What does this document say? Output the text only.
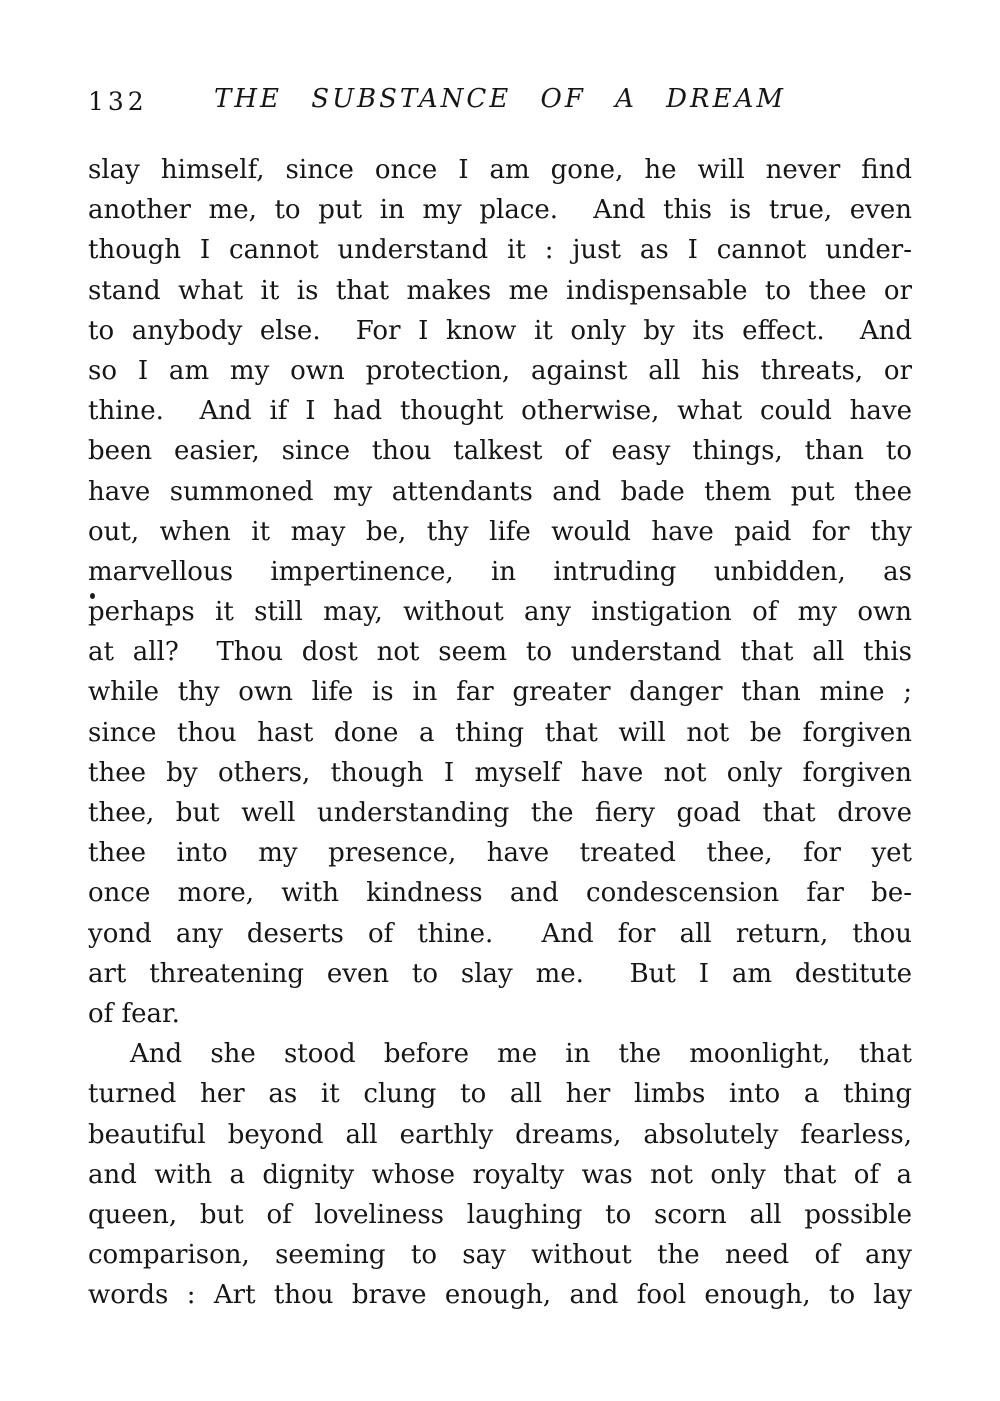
132	THE SUBSTANCE OF A DREAM
slay himself, since once I am gone, he will never find
another me, to put in my place.  And this is true, even
though I cannot understand it : just as I cannot under-
stand what it is that makes me indispensable to thee or
to anybody else.  For I know it only by its effect.  And
so I am my own protection, against all his threats, or
thine.  And if I had thought otherwise, what could have
been easier, since thou talkest of easy things, than to
have summoned my attendants and bade them put thee
out, when it may be, thy life would have paid for thy
marvellous impertinence, in intruding unbidden, as
perhaps it still may, without any instigation of my own
at all?  Thou dost not seem to understand that all this
while thy own life is in far greater danger than mine ;
since thou hast done a thing that will not be forgiven
thee by others, though I myself have not only forgiven
thee, but well understanding the fiery goad that drove
thee into my presence, have treated thee, for yet
once more, with kindness and condescension far be-
yond any deserts of thine.  And for all return, thou
art threatening even to slay me.  But I am destitute
of fear.
And she stood before me in the moonlight, that
turned her as it clung to all her limbs into a thing
beautiful beyond all earthly dreams, absolutely fearless,
and with a dignity whose royalty was not only that of a
queen, but of loveliness laughing to scorn all possible
comparison, seeming to say without the need of any
words : Art thou brave enough, and fool enough, to lay
